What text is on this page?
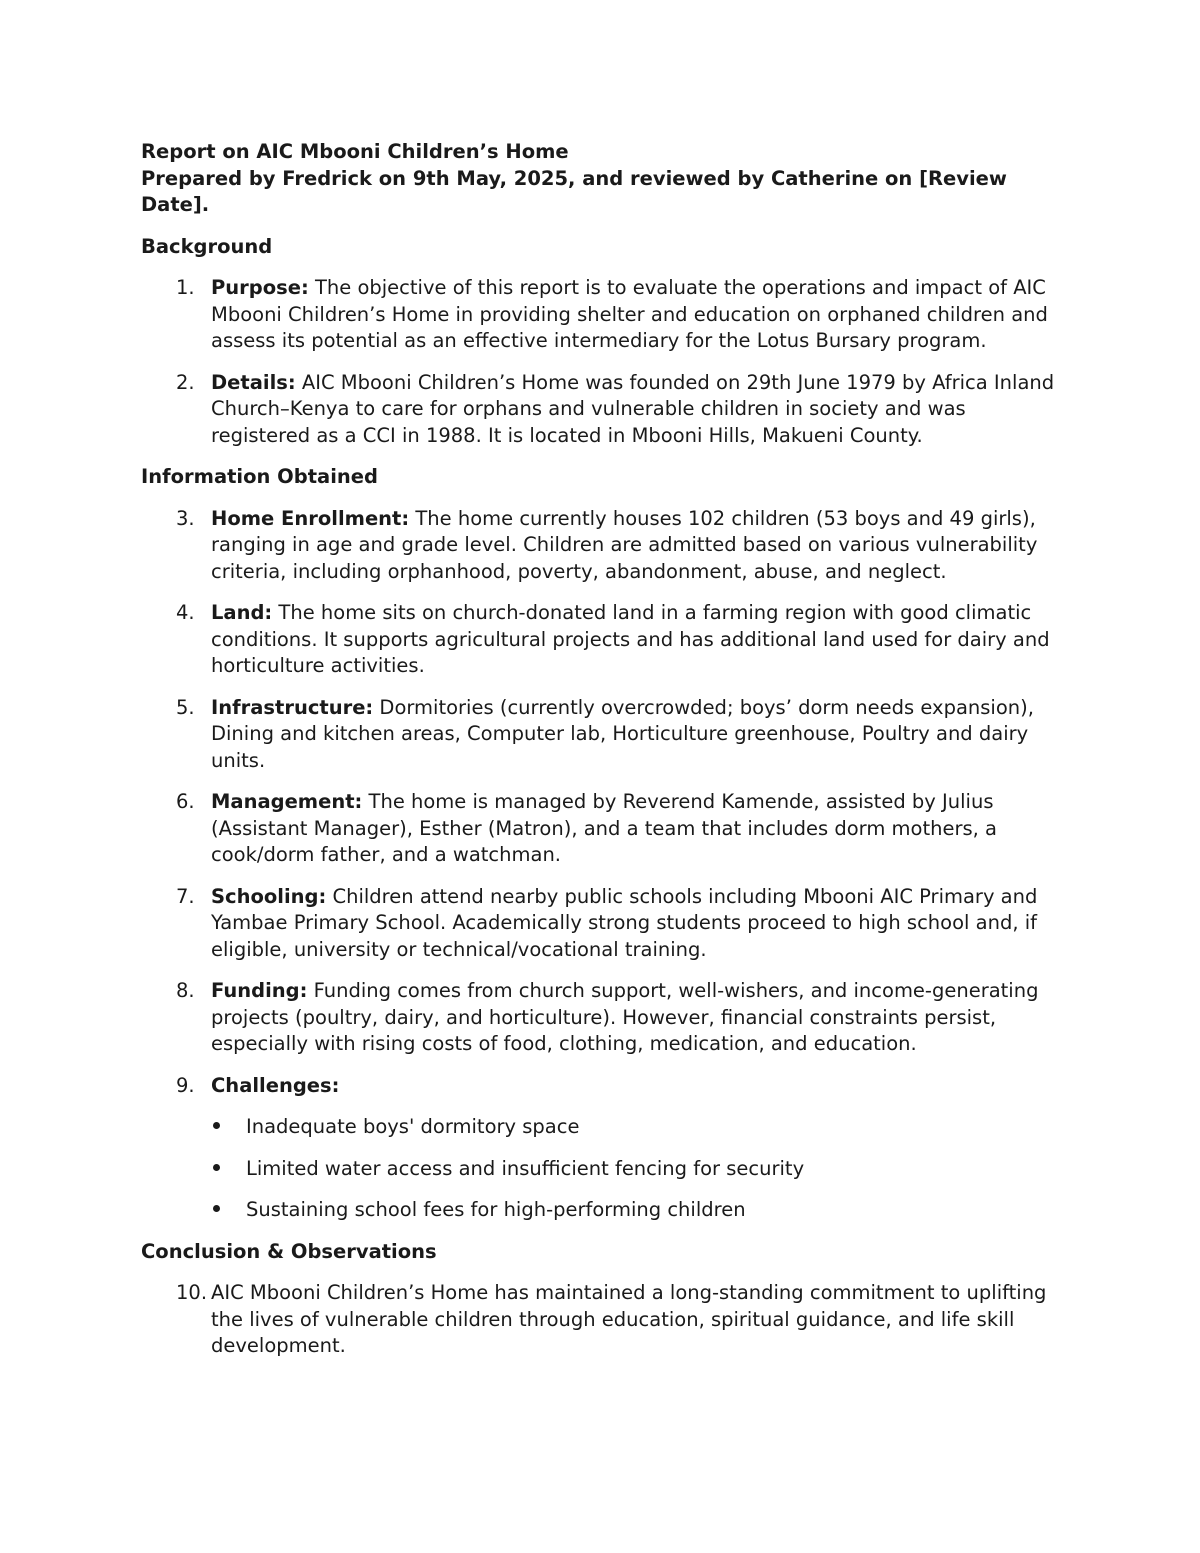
Report on AIC Mbooni Children’s Home
Prepared by Fredrick on 9th May, 2025, and reviewed by Catherine on [Review Date].
Background
1. Purpose: The objective of this report is to evaluate the operations and impact of AIC Mbooni Children’s Home in providing shelter and education on orphaned children and assess its potential as an effective intermediary for the Lotus Bursary program.
2. Details: AIC Mbooni Children’s Home was founded on 29th June 1979 by Africa Inland Church–Kenya to care for orphans and vulnerable children in society and was registered as a CCI in 1988. It is located in Mbooni Hills, Makueni County.
Information Obtained
3. Home Enrollment: The home currently houses 102 children (53 boys and 49 girls), ranging in age and grade level. Children are admitted based on various vulnerability criteria, including orphanhood, poverty, abandonment, abuse, and neglect.
4. Land: The home sits on church-donated land in a farming region with good climatic conditions. It supports agricultural projects and has additional land used for dairy and horticulture activities.
5. Infrastructure: Dormitories (currently overcrowded; boys’ dorm needs expansion), Dining and kitchen areas, Computer lab, Horticulture greenhouse, Poultry and dairy units.
6. Management: The home is managed by Reverend Kamende, assisted by Julius (Assistant Manager), Esther (Matron), and a team that includes dorm mothers, a cook/dorm father, and a watchman.
7. Schooling: Children attend nearby public schools including Mbooni AIC Primary and Yambae Primary School. Academically strong students proceed to high school and, if eligible, university or technical/vocational training.
8. Funding: Funding comes from church support, well-wishers, and income-generating projects (poultry, dairy, and horticulture). However, financial constraints persist, especially with rising costs of food, clothing, medication, and education.
9. Challenges:
Inadequate boys' dormitory space
Limited water access and insufficient fencing for security
Sustaining school fees for high-performing children
Conclusion & Observations
10. AIC Mbooni Children’s Home has maintained a long-standing commitment to uplifting the lives of vulnerable children through education, spiritual guidance, and life skill development.
